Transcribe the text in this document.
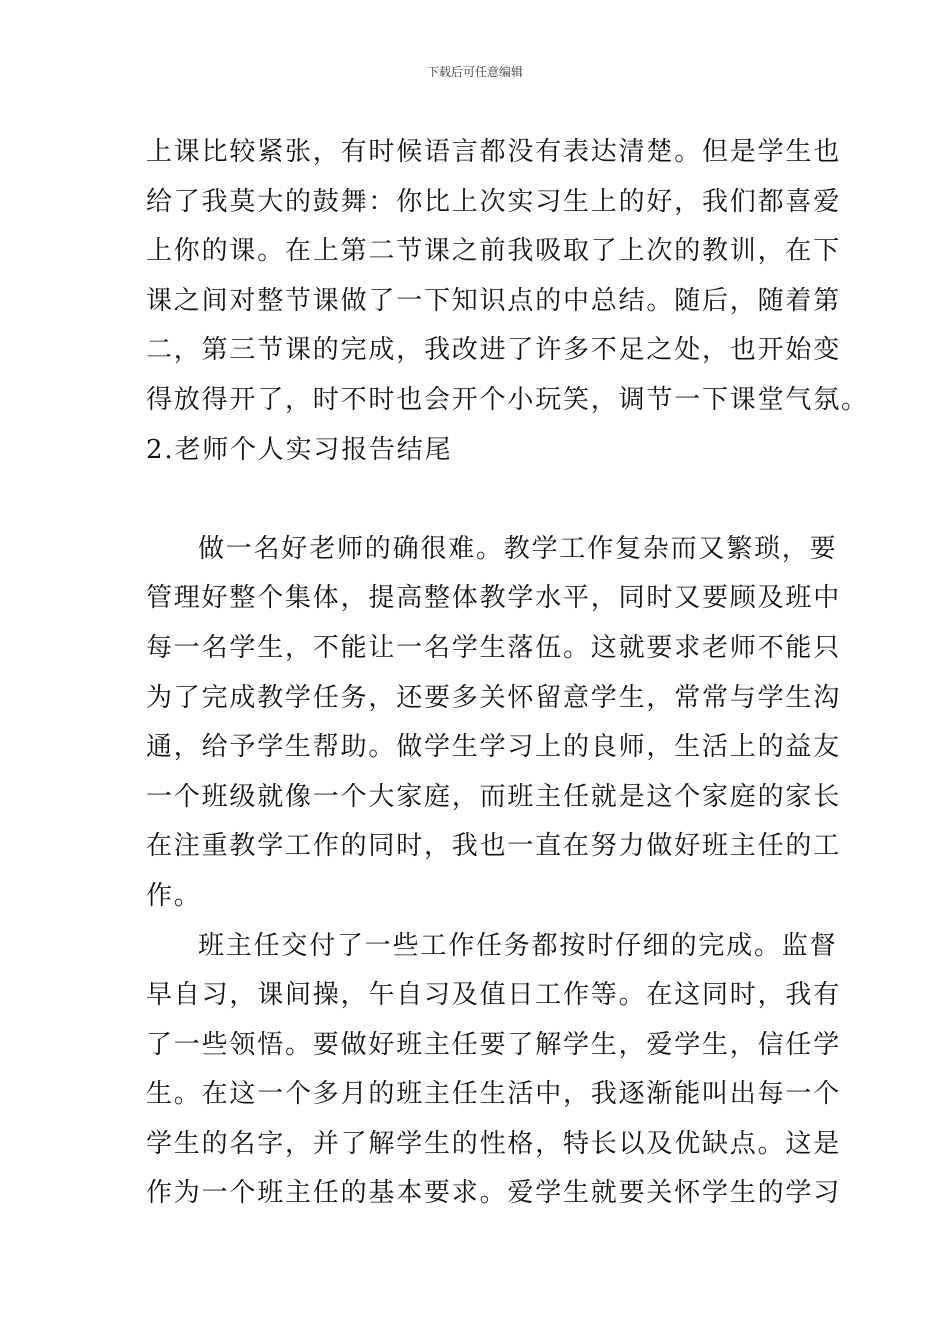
下载后可任意编辑
上课比较紧张，有时候语言都没有表达清楚。但是学生也
给了我莫大的鼓舞：你比上次实习生上的好，我们都喜爱
上你的课。在上第二节课之前我吸取了上次的教训，在下
课之间对整节课做了一下知识点的中总结。随后，随着第
二，第三节课的完成，我改进了许多不足之处，也开始变
得放得开了，时不时也会开个小玩笑，调节一下课堂气氛。
2.老师个人实习报告结尾
做一名好老师的确很难。教学工作复杂而又繁琐，要
管理好整个集体，提高整体教学水平，同时又要顾及班中
每一名学生，不能让一名学生落伍。这就要求老师不能只
为了完成教学任务，还要多关怀留意学生，常常与学生沟
通，给予学生帮助。做学生学习上的良师，生活上的益友
一个班级就像一个大家庭，而班主任就是这个家庭的家长
在注重教学工作的同时，我也一直在努力做好班主任的工
作。
班主任交付了一些工作任务都按时仔细的完成。监督
早自习，课间操，午自习及值日工作等。在这同时，我有
了一些领悟。要做好班主任要了解学生，爱学生，信任学
生。在这一个多月的班主任生活中，我逐渐能叫出每一个
学生的名字，并了解学生的性格，特长以及优缺点。这是
作为一个班主任的基本要求。爱学生就要关怀学生的学习
